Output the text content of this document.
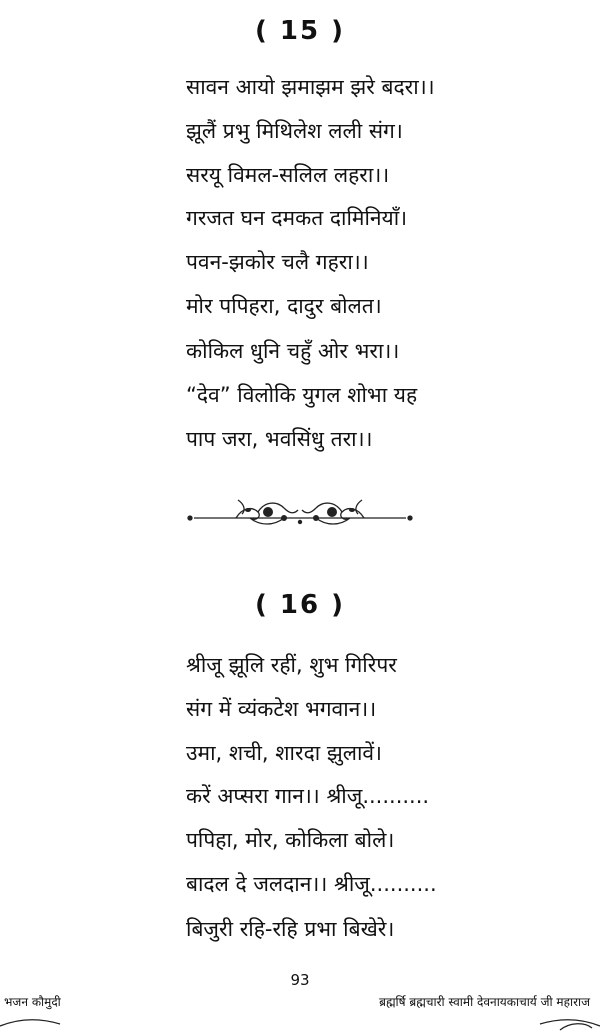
( 15 )
सावन आयो झमाझम झरे बदरा।।
झूलैं प्रभु मिथिलेश लली संग।
सरयू विमल-सलिल लहरा।।
गरजत घन दमकत दामिनियाँ।
पवन-झकोर चलै गहरा।।
मोर पपिहरा, दादुर बोलत।
कोकिल धुनि चहुँ ओर भरा।।
“देव” विलोकि युगल शोभा यह
पाप जरा, भवसिंधु तरा।।
( 16 )
श्रीजू झूलि रहीं, शुभ गिरिपर
संग में व्यंकटेश भगवान।।
उमा, शची, शारदा झुलावें।
करें अप्सरा गान।। श्रीजू..........
पपिहा, मोर, कोकिला बोले।
बादल दे जलदान।। श्रीजू..........
बिजुरी रहि-रहि प्रभा बिखेरे।
93
भजन कौमुदी	ब्रह्मर्षि ब्रह्मचारी स्वामी देवनायकाचार्य जी महाराज
